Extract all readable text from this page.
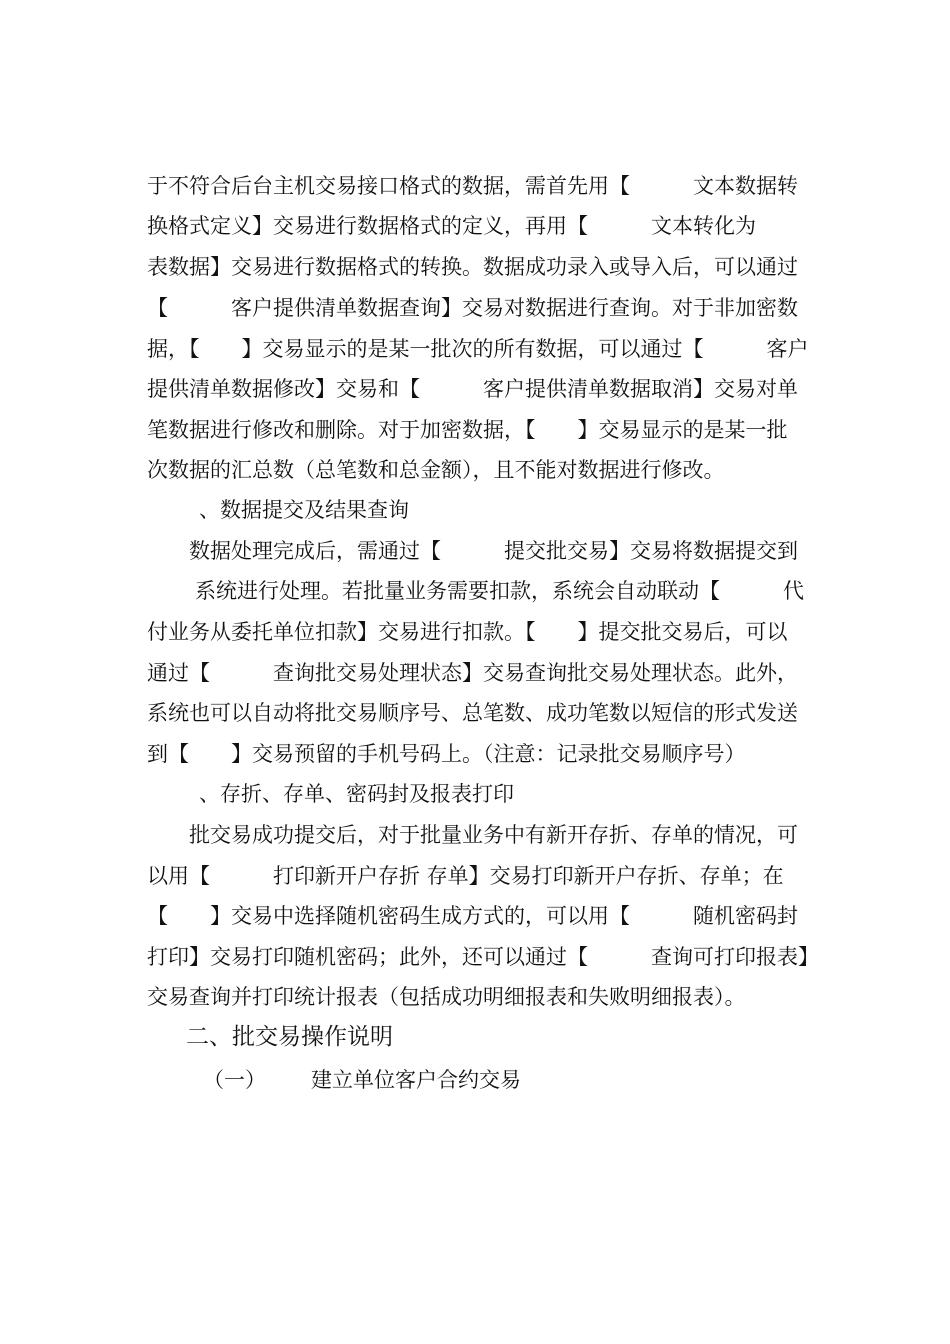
于不符合后台主机交易接口格式的数据，需首先用【　　　文本数据转
换格式定义】交易进行数据格式的定义，再用【　　　文本转化为
表数据】交易进行数据格式的转换。数据成功录入或导入后，可以通过
【　　　客户提供清单数据查询】交易对数据进行查询。对于非加密数
据，【　　】交易显示的是某一批次的所有数据，可以通过【　　　客户
提供清单数据修改】交易和【　　　客户提供清单数据取消】交易对单
笔数据进行修改和删除。对于加密数据，【　　】交易显示的是某一批
次数据的汇总数（总笔数和总金额），且不能对数据进行修改。
、数据提交及结果查询
数据处理完成后，需通过【　　　提交批交易】交易将数据提交到
系统进行处理。若批量业务需要扣款，系统会自动联动【　　　代
付业务从委托单位扣款】交易进行扣款。【　　】提交批交易后，可以
通过【　　　查询批交易处理状态】交易查询批交易处理状态。此外，
系统也可以自动将批交易顺序号、总笔数、成功笔数以短信的形式发送
到【　　】交易预留的手机号码上。（注意：记录批交易顺序号）
、存折、存单、密码封及报表打印
批交易成功提交后，对于批量业务中有新开存折、存单的情况，可
以用【　　　打印新开户存折 存单】交易打印新开户存折、存单；在
【　　】交易中选择随机密码生成方式的，可以用【　　　随机密码封
打印】交易打印随机密码；此外，还可以通过【　　　查询可打印报表】
交易查询并打印统计报表（包括成功明细报表和失败明细报表）。
二、批交易操作说明
（一） 建立单位客户合约交易
